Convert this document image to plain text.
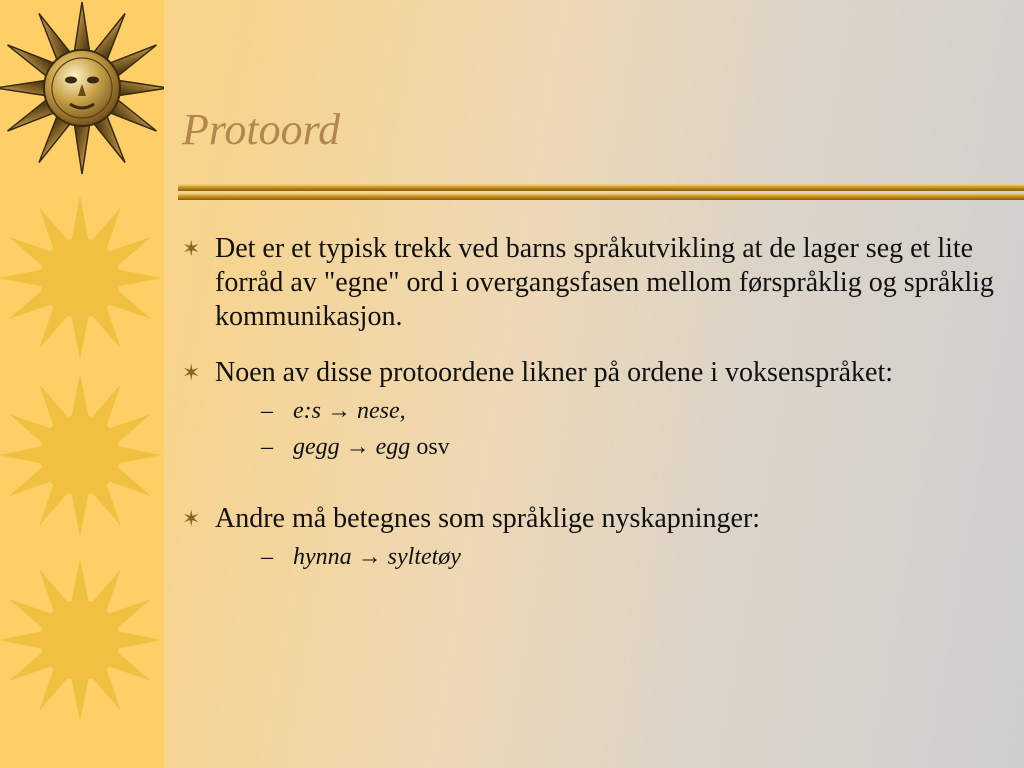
Protoord
✶ Det er et typisk trekk ved barns språkutvikling at de lager seg et lite forråd av "egne" ord i overgangsfasen mellom førspråklig og språklig kommunikasjon.
✶ Noen av disse protoordene likner på ordene i voksenspråket:
– e:s → nese,
– gegg → egg osv
✶ Andre må betegnes som språklige nyskapninger:
– hynna → syltetøy
